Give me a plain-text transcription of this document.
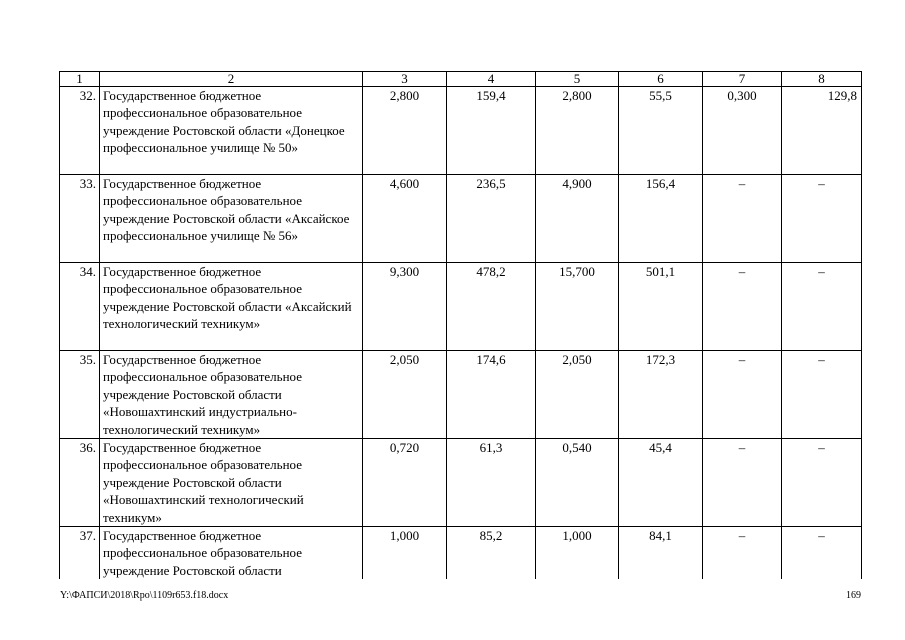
1	2	3	4	5	6	7	8
32.	Государственное бюджетное профессиональное образовательное учреждение Ростовской области «Донецкое профессиональное училище № 50»	2,800	159,4	2,800	55,5	0,300	129,8
33.	Государственное бюджетное профессиональное образовательное учреждение Ростовской области «Аксайское профессиональное училище № 56»	4,600	236,5	4,900	156,4	–	–
34.	Государственное бюджетное профессиональное образовательное учреждение Ростовской области «Аксайский технологический техникум»	9,300	478,2	15,700	501,1	–	–
35.	Государственное бюджетное профессиональное образовательное учреждение Ростовской области «Новошахтинский индустриально-технологический техникум»	2,050	174,6	2,050	172,3	–	–
36.	Государственное бюджетное профессиональное образовательное учреждение Ростовской области «Новошахтинский технологический техникум»	0,720	61,3	0,540	45,4	–	–
37.	Государственное бюджетное профессиональное образовательное учреждение Ростовской области	1,000	85,2	1,000	84,1	–	–
Y:\ФАПСИ\2018\Rpo\1109r653.f18.docx	169
